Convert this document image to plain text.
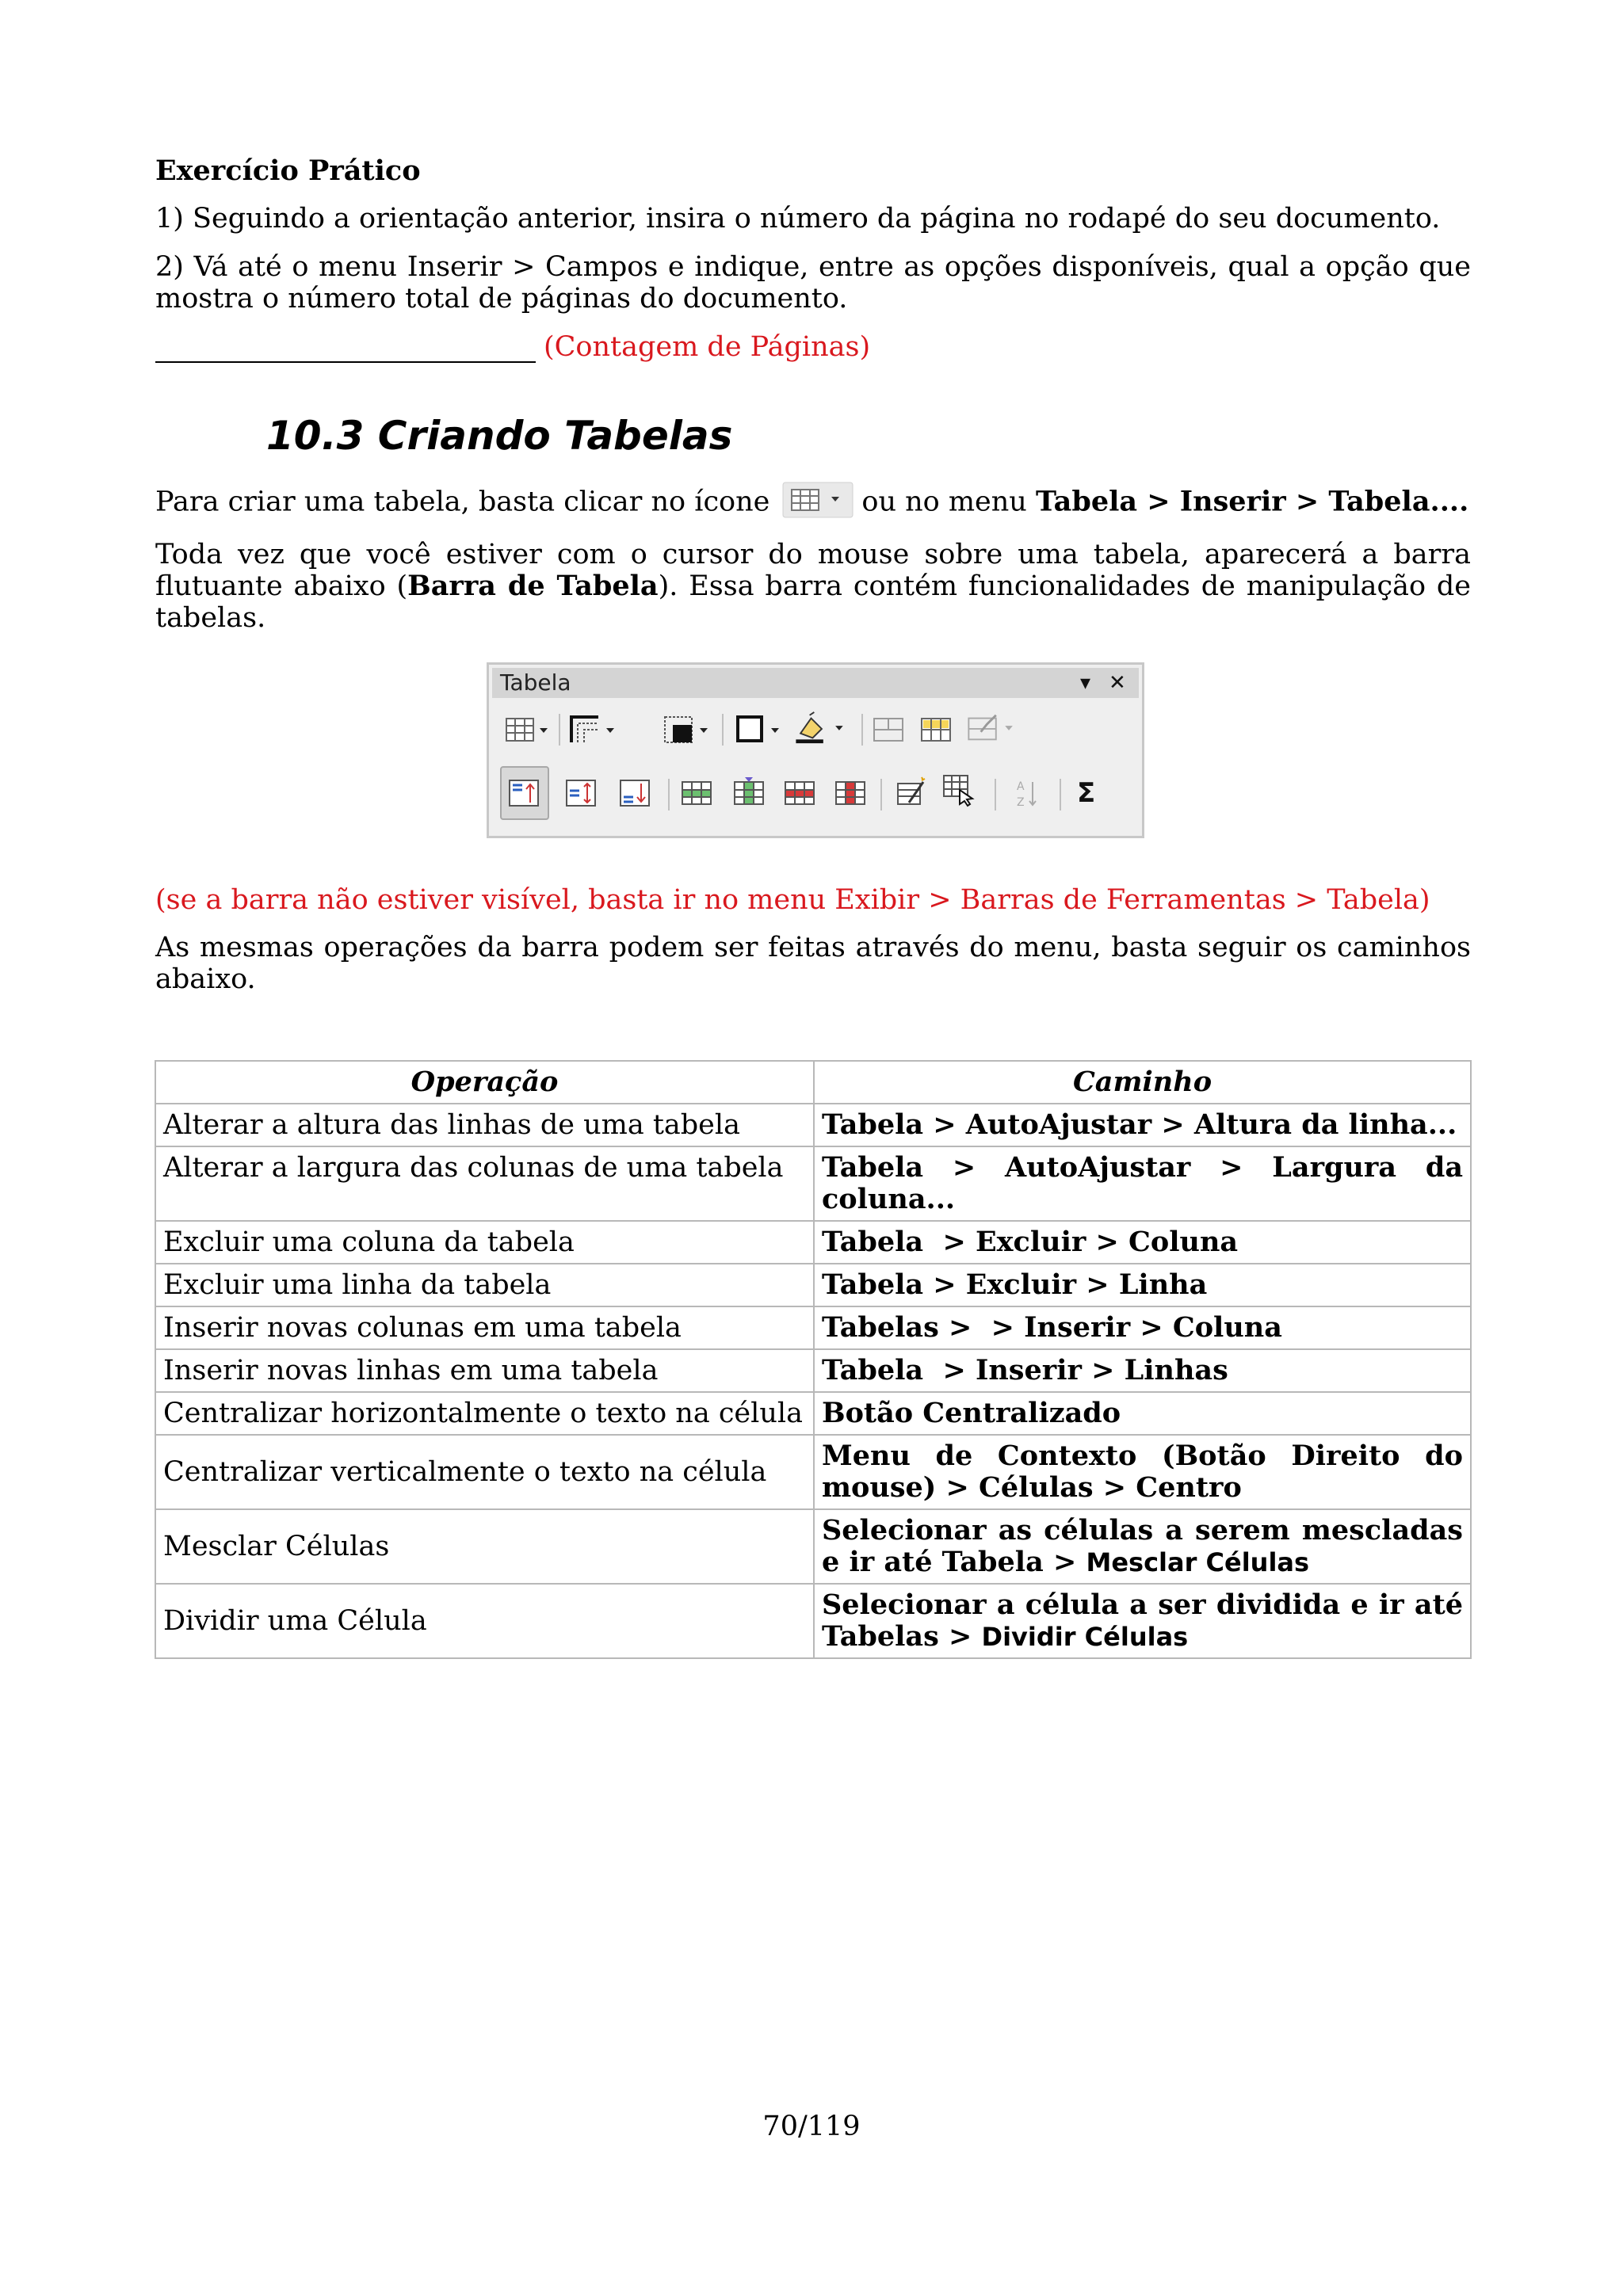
Exercício Prático
1) Seguindo a orientação anterior, insira o número da página no rodapé do seu documento.
2) Vá até o menu Inserir > Campos e indique, entre as opções disponíveis, qual a opção que mostra o número total de páginas do documento.
(Contagem de Páginas)
10.3 Criando Tabelas
Para criar uma tabela, basta clicar no ícone	ou no menu Tabela > Inserir > Tabela....
Toda vez que você estiver com o cursor do mouse sobre uma tabela, aparecerá a barra flutuante abaixo (Barra de Tabela). Essa barra contém funcionalidades de manipulação de tabelas.
Tabela	▾ ✕
A
Z Σ
(se a barra não estiver visível, basta ir no menu Exibir > Barras de Ferramentas > Tabela)
As mesmas operações da barra podem ser feitas através do menu, basta seguir os caminhos abaixo.
Operação	Caminho
Alterar a altura das linhas de uma tabela	Tabela > AutoAjustar > Altura da linha...
Alterar a largura das colunas de uma tabela	Tabela > AutoAjustar > Largura da coluna...
Excluir uma coluna da tabela	Tabela  > Excluir > Coluna
Excluir uma linha da tabela	Tabela > Excluir > Linha
Inserir novas colunas em uma tabela	Tabelas >  > Inserir > Coluna
Inserir novas linhas em uma tabela	Tabela  > Inserir > Linhas
Centralizar horizontalmente o texto na célula	Botão Centralizado
Centralizar verticalmente o texto na célula	Menu de Contexto (Botão Direito do mouse) > Células > Centro
Mesclar Células	Selecionar as células a serem mescladas e ir até Tabela > Mesclar Células
Dividir uma Célula	Selecionar a célula a ser dividida e ir até Tabelas > Dividir Células
70/119
